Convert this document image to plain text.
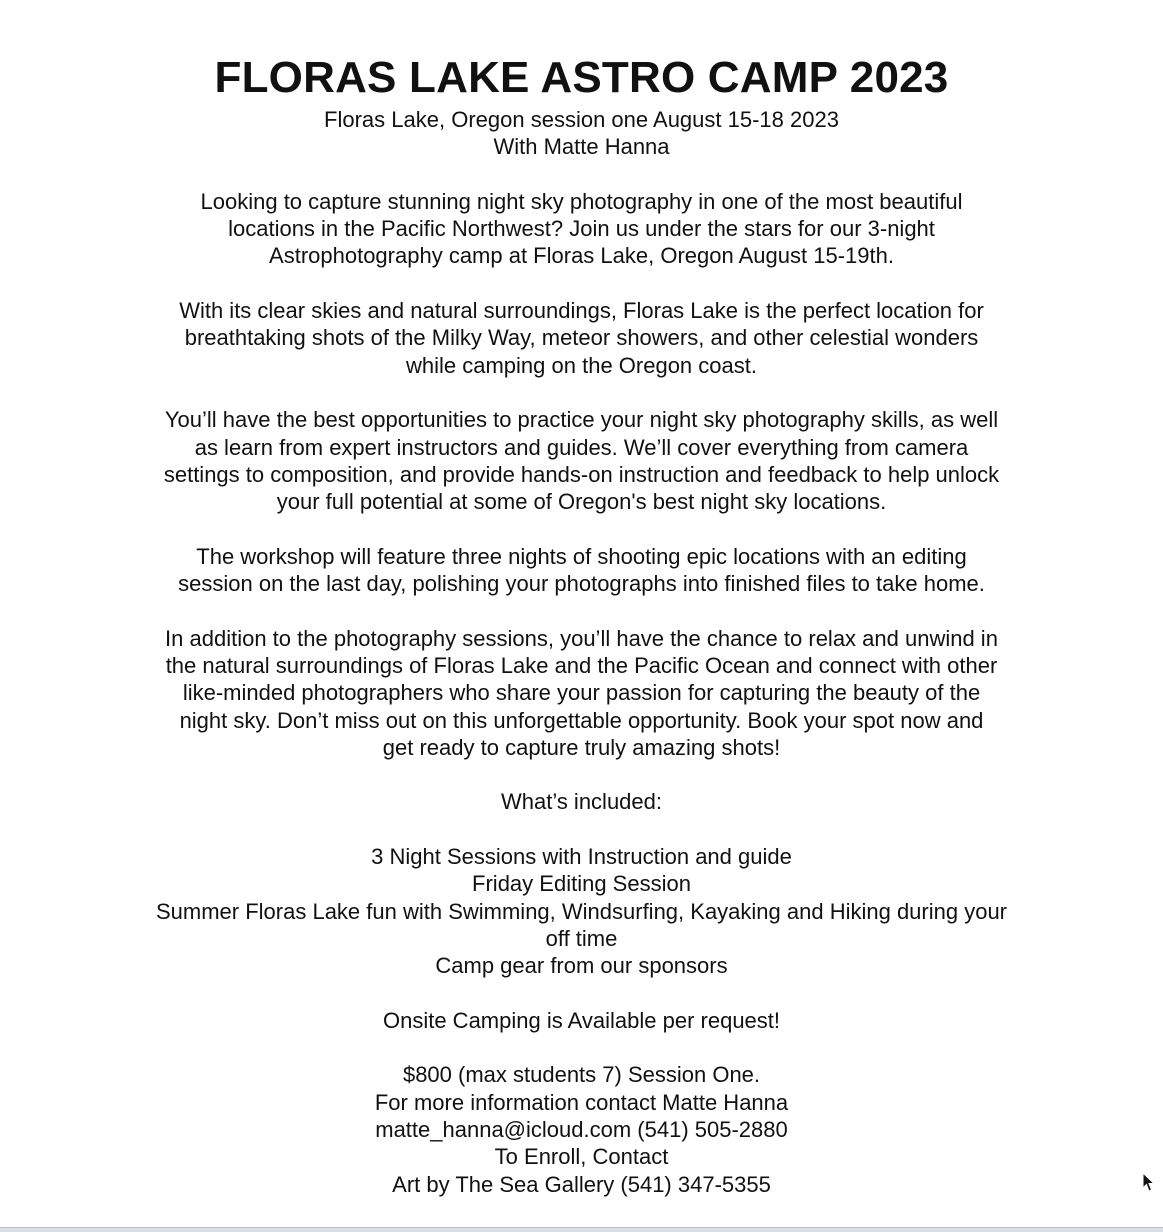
FLORAS LAKE ASTRO CAMP 2023

Floras Lake, Oregon session one August 15-18 2023

With Matte Hanna

Looking to capture stunning night sky photography in one of the most beautiful

locations in the Pacific Northwest? Join us under the stars for our 3-night

Astrophotography camp at Floras Lake, Oregon August 15-19th.

With its clear skies and natural surroundings, Floras Lake is the perfect location for

breathtaking shots of the Milky Way, meteor showers, and other celestial wonders

while camping on the Oregon coast.

You’ll have the best opportunities to practice your night sky photography skills, as well

as learn from expert instructors and guides. We’ll cover everything from camera

settings to composition, and provide hands-on instruction and feedback to help unlock

your full potential at some of Oregon's best night sky locations.

The workshop will feature three nights of shooting epic locations with an editing

session on the last day, polishing your photographs into finished files to take home.

In addition to the photography sessions, you’ll have the chance to relax and unwind in

the natural surroundings of Floras Lake and the Pacific Ocean and connect with other

like-minded photographers who share your passion for capturing the beauty of the

night sky. Don’t miss out on this unforgettable opportunity. Book your spot now and

get ready to capture truly amazing shots!

What’s included:

3 Night Sessions with Instruction and guide

Friday Editing Session

Summer Floras Lake fun with Swimming, Windsurfing, Kayaking and Hiking during your

off time

Camp gear from our sponsors

Onsite Camping is Available per request!

$800 (max students 7) Session One.

For more information contact Matte Hanna

matte_hanna@icloud.com (541) 505-2880

To Enroll, Contact

Art by The Sea Gallery (541) 347-5355
